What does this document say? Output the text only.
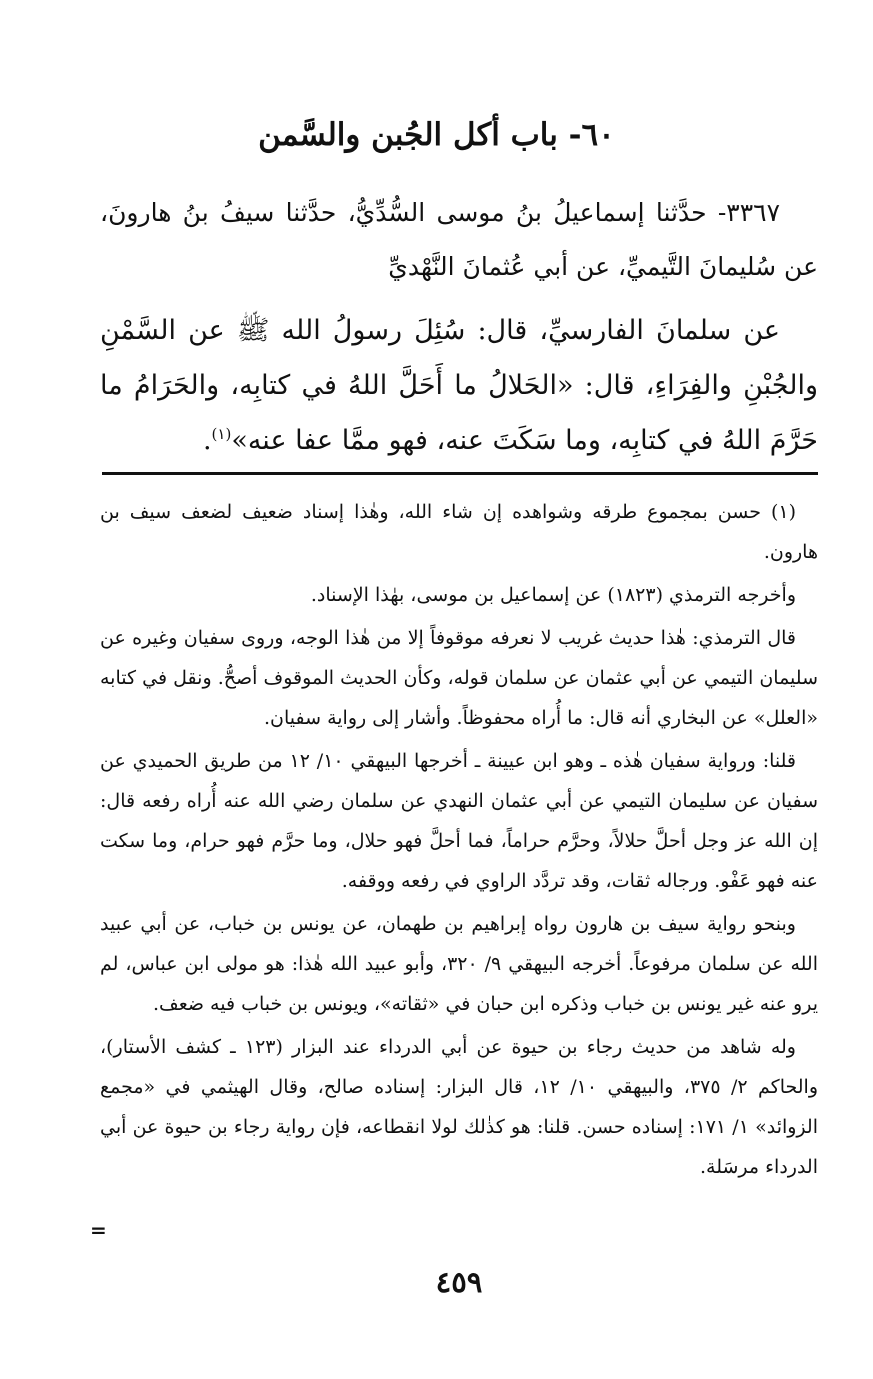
٦٠- باب أكل الجُبن والسَّمن
٣٣٦٧- حدَّثنا إسماعيلُ بنُ موسى السُّدِّيُّ، حدَّثنا سيفُ بنُ هارونَ، عن سُليمانَ التَّيميِّ، عن أبي عُثمانَ النَّهْديِّ
عن سلمانَ الفارسيِّ، قال: سُئِلَ رسولُ الله ﷺ عن السَّمْنِ والجُبْنِ والفِرَاءِ، قال: «الحَلالُ ما أَحَلَّ اللهُ في كتابِه، والحَرَامُ ما حَرَّمَ اللهُ في كتابِه، وما سَكَتَ عنه، فهو ممَّا عفا عنه»$^{(١)}$.

(١) حسن بمجموع طرقه وشواهده إن شاء الله، وهٰذا إسناد ضعيف لضعف سيف بن هارون.

وأخرجه الترمذي (١٨٢٣) عن إسماعيل بن موسى، بهٰذا الإسناد.

قال الترمذي: هٰذا حديث غريب لا نعرفه موقوفاً إلا من هٰذا الوجه، وروى سفيان وغيره عن سليمان التيمي عن أبي عثمان عن سلمان قوله، وكأن الحديث الموقوف أصحُّ. ونقل في كتابه «العلل» عن البخاري أنه قال: ما أُراه محفوظاً. وأشار إلى رواية سفيان.

قلنا: ورواية سفيان هٰذه ـ وهو ابن عيينة ـ أخرجها البيهقي ١٠/ ١٢ من طريق الحميدي عن سفيان عن سليمان التيمي عن أبي عثمان النهدي عن سلمان رضي الله عنه أُراه رفعه قال: إن الله عز وجل أحلَّ حلالاً، وحرَّم حراماً، فما أحلَّ فهو حلال، وما حرَّم فهو حرام، وما سكت عنه فهو عَفْو. ورجاله ثقات، وقد تردَّد الراوي في رفعه ووقفه.

وبنحو رواية سيف بن هارون رواه إبراهيم بن طهمان، عن يونس بن خباب، عن أبي عبيد الله عن سلمان مرفوعاً. أخرجه البيهقي ٩/ ٣٢٠، وأبو عبيد الله هٰذا: هو مولى ابن عباس، لم يرو عنه غير يونس بن خباب وذكره ابن حبان في «ثقاته»، ويونس بن خباب فيه ضعف.

وله شاهد من حديث رجاء بن حيوة عن أبي الدرداء عند البزار (١٢٣ ـ كشف الأستار)، والحاكم ٢/ ٣٧٥، والبيهقي ١٠/ ١٢، قال البزار: إسناده صالح، وقال الهيثمي في «مجمع الزوائد» ١/ ١٧١: إسناده حسن. قلنا: هو كذٰلك لولا انقطاعه، فإن رواية رجاء بن حيوة عن أبي الدرداء مرسَلة.

=
٤٥٩
